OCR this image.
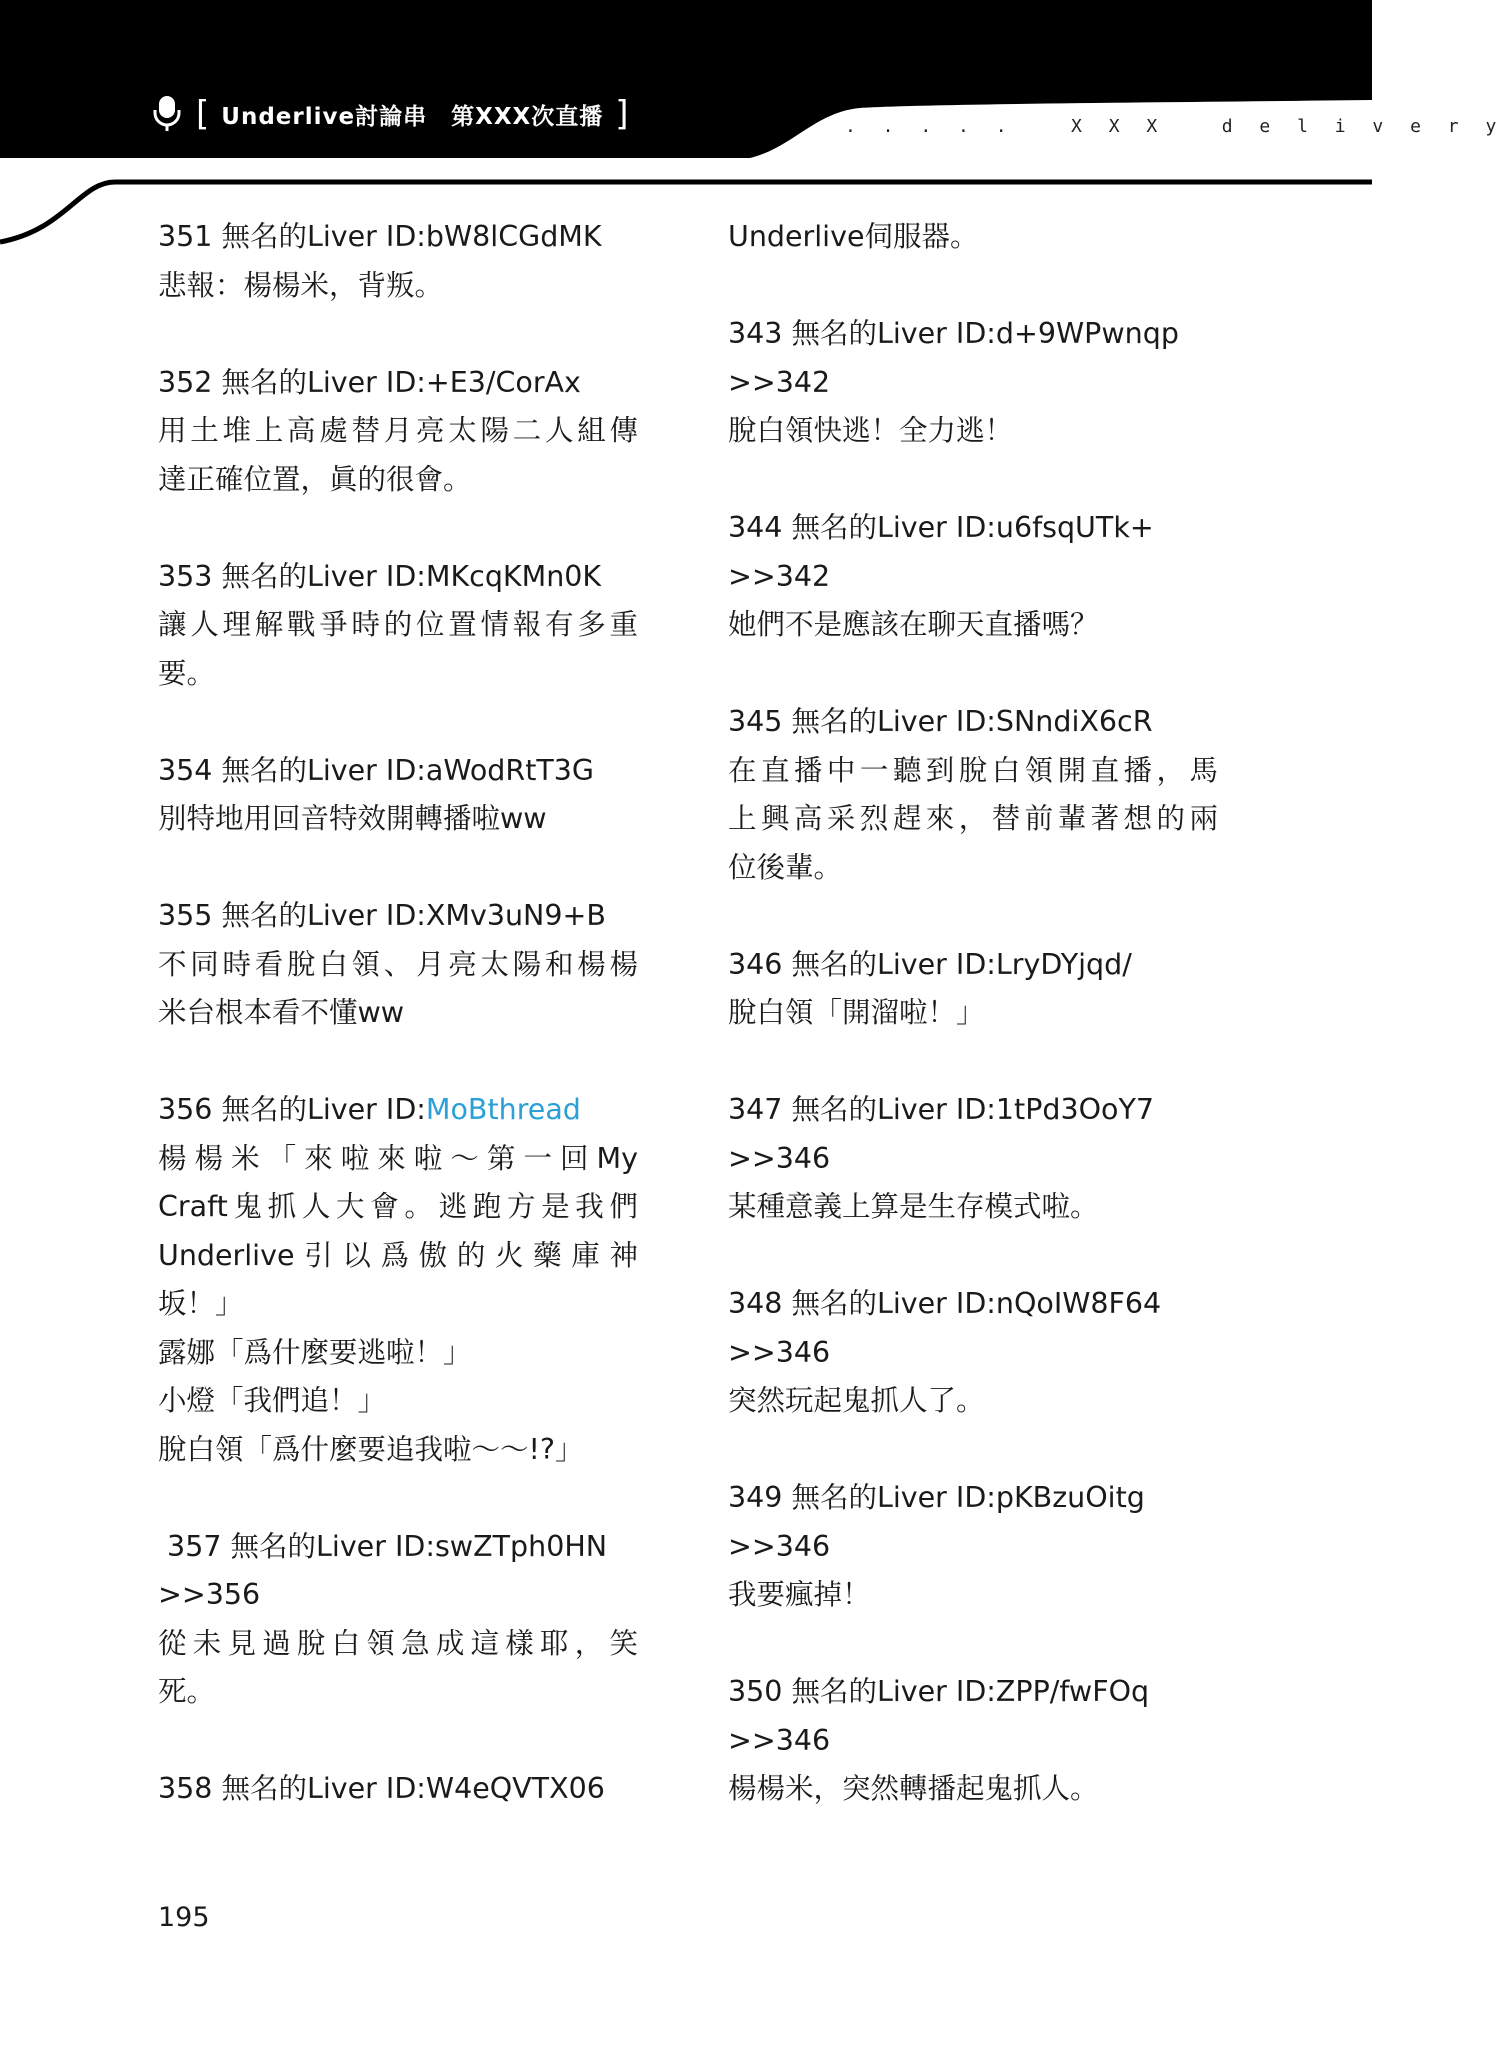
[ Underlive討論串　第XXX次直播 ]	. . . . .   X X X   d e l i v e r y
351 無名的Liver ID:bW8lCGdMK
悲報：楊楊米，背叛。
352 無名的Liver ID:+E3/CorAx
用土堆上高處替月亮太陽二人組傳
達正確位置，眞的很會。
353 無名的Liver ID:MKcqKMn0K
讓人理解戰爭時的位置情報有多重
要。
354 無名的Liver ID:aWodRtT3G
別特地用回音特效開轉播啦ww
355 無名的Liver ID:XMv3uN9+B
不同時看脫白領、月亮太陽和楊楊
米台根本看不懂ww
356 無名的Liver ID:MoBthread
楊楊米「來啦來啦～第一回My
Craft鬼抓人大會。逃跑方是我們
Underlive引以爲傲的火藥庫神
坂！」
露娜「爲什麼要逃啦！」
小燈「我們追！」
脫白領「爲什麼要追我啦〜〜!?」
357 無名的Liver ID:swZTph0HN
>>356
從未見過脫白領急成這樣耶，笑
死。
358 無名的Liver ID:W4eQVTX06
Underlive伺服器。
343 無名的Liver ID:d+9WPwnqp
>>342
脫白領快逃！全力逃！
344 無名的Liver ID:u6fsqUTk+
>>342
她們不是應該在聊天直播嗎？
345 無名的Liver ID:SNndiX6cR
在直播中一聽到脫白領開直播，馬
上興高采烈趕來，替前輩著想的兩
位後輩。
346 無名的Liver ID:LryDYjqd/
脫白領「開溜啦！」
347 無名的Liver ID:1tPd3OoY7
>>346
某種意義上算是生存模式啦。
348 無名的Liver ID:nQoIW8F64
>>346
突然玩起鬼抓人了。
349 無名的Liver ID:pKBzuOitg
>>346
我要瘋掉！
350 無名的Liver ID:ZPP/fwFOq
>>346
楊楊米，突然轉播起鬼抓人。
195
